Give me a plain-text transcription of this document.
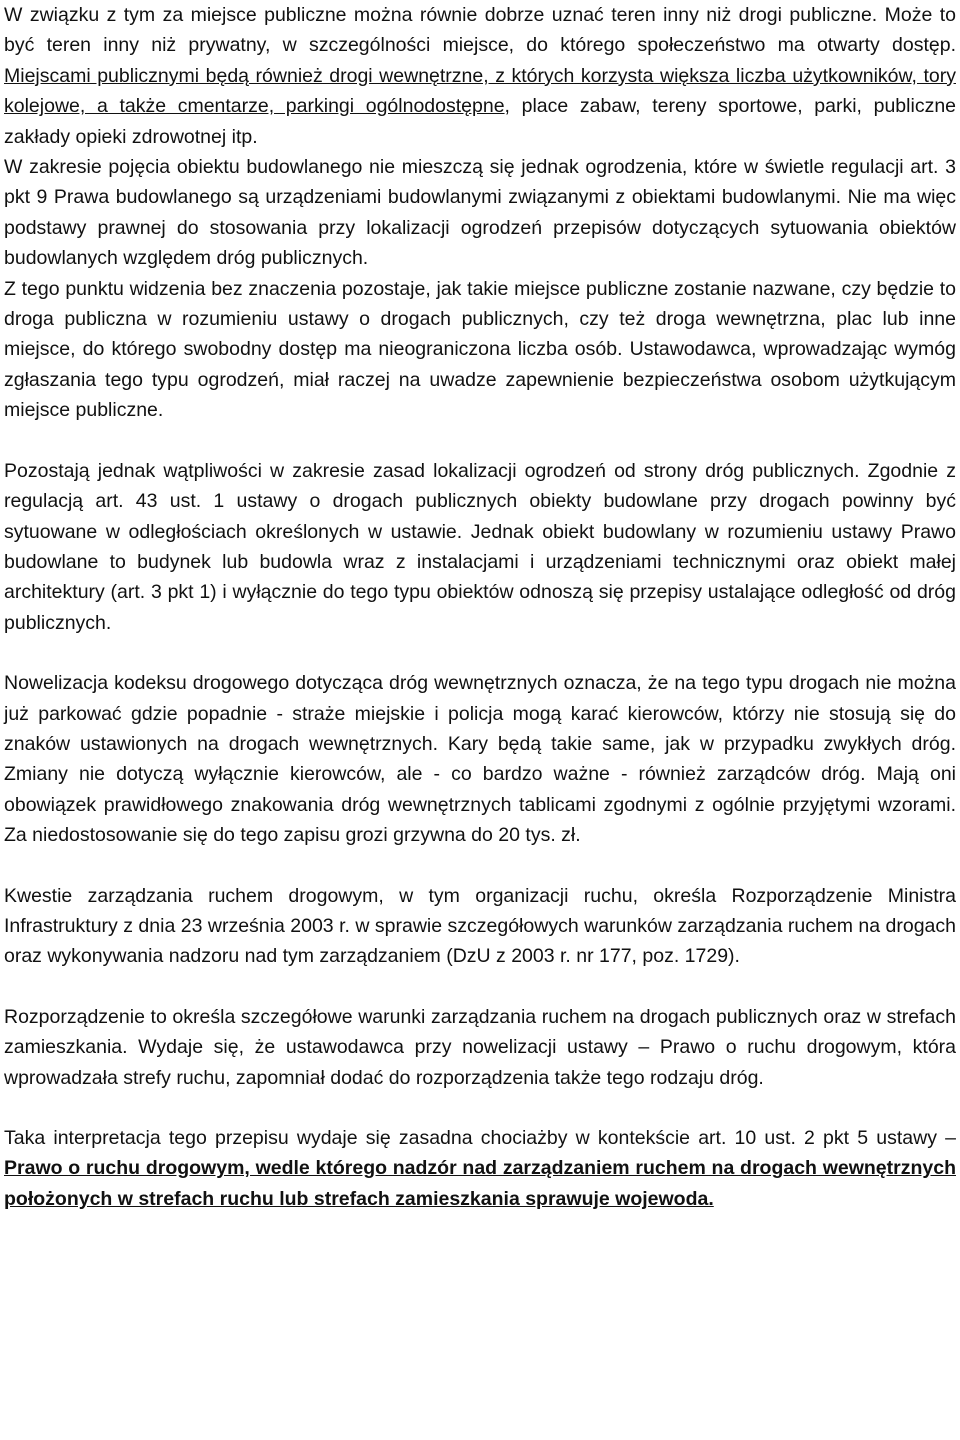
W związku z tym za miejsce publiczne można równie dobrze uznać teren inny niż drogi publiczne. Może to być teren inny niż prywatny, w szczególności miejsce, do którego społeczeństwo ma otwarty dostęp. Miejscami publicznymi będą również drogi wewnętrzne, z których korzysta większa liczba użytkowników, tory kolejowe, a także cmentarze, parkingi ogólnodostępne, place zabaw, tereny sportowe, parki, publiczne zakłady opieki zdrowotnej itp.

W zakresie pojęcia obiektu budowlanego nie mieszczą się jednak ogrodzenia, które w świetle regulacji art. 3 pkt 9 Prawa budowlanego są urządzeniami budowlanymi związanymi z obiektami budowlanymi. Nie ma więc podstawy prawnej do stosowania przy lokalizacji ogrodzeń przepisów dotyczących sytuowania obiektów budowlanych względem dróg publicznych.

Z tego punktu widzenia bez znaczenia pozostaje, jak takie miejsce publiczne zostanie nazwane, czy będzie to droga publiczna w rozumieniu ustawy o drogach publicznych, czy też droga wewnętrzna, plac lub inne miejsce, do którego swobodny dostęp ma nieograniczona liczba osób. Ustawodawca, wprowadzając wymóg zgłaszania tego typu ogrodzeń, miał raczej na uwadze zapewnienie bezpieczeństwa osobom użytkującym miejsce publiczne.

Pozostają jednak wątpliwości w zakresie zasad lokalizacji ogrodzeń od strony dróg publicznych. Zgodnie z regulacją art. 43 ust. 1 ustawy o drogach publicznych obiekty budowlane przy drogach powinny być sytuowane w odległościach określonych w ustawie. Jednak obiekt budowlany w rozumieniu ustawy Prawo budowlane to budynek lub budowla wraz z instalacjami i urządzeniami technicznymi oraz obiekt małej architektury (art. 3 pkt 1) i wyłącznie do tego typu obiektów odnoszą się przepisy ustalające odległość od dróg publicznych.

Nowelizacja kodeksu drogowego dotycząca dróg wewnętrznych oznacza, że na tego typu drogach nie można już parkować gdzie popadnie - straże miejskie i policja mogą karać kierowców, którzy nie stosują się do znaków ustawionych na drogach wewnętrznych. Kary będą takie same, jak w przypadku zwykłych dróg. Zmiany nie dotyczą wyłącznie kierowców, ale - co bardzo ważne - również zarządców dróg. Mają oni obowiązek prawidłowego znakowania dróg wewnętrznych tablicami zgodnymi z ogólnie przyjętymi wzorami. Za niedostosowanie się do tego zapisu grozi grzywna do 20 tys. zł.

Kwestie zarządzania ruchem drogowym, w tym organizacji ruchu, określa Rozporządzenie Ministra Infrastruktury z dnia 23 września 2003 r. w sprawie szczegółowych warunków zarządzania ruchem na drogach oraz wykonywania nadzoru nad tym zarządzaniem (DzU z 2003 r. nr 177, poz. 1729).

Rozporządzenie to określa szczegółowe warunki zarządzania ruchem na drogach publicznych oraz w strefach zamieszkania. Wydaje się, że ustawodawca przy nowelizacji ustawy – Prawo o ruchu drogowym, która wprowadzała strefy ruchu, zapomniał dodać do rozporządzenia także tego rodzaju dróg.

Taka interpretacja tego przepisu wydaje się zasadna chociażby w kontekście art. 10 ust. 2 pkt 5 ustawy – Prawo o ruchu drogowym, wedle którego nadzór nad zarządzaniem ruchem na drogach wewnętrznych położonych w strefach ruchu lub strefach zamieszkania sprawuje wojewoda.
